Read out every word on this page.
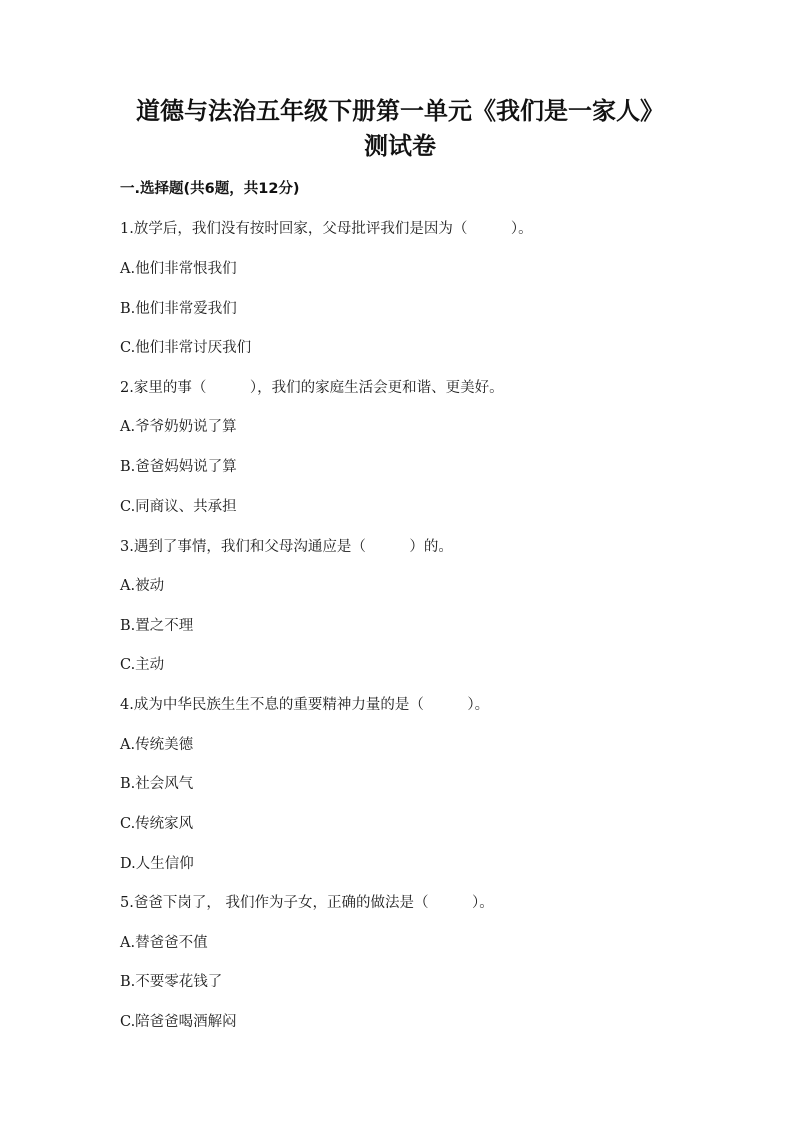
道德与法治五年级下册第一单元《我们是一家人》
测试卷
一.选择题(共6题，共12分)
1.放学后，我们没有按时回家，父母批评我们是因为（　　　）。
A.他们非常恨我们
B.他们非常爱我们
C.他们非常讨厌我们
2.家里的事（　　　），我们的家庭生活会更和谐、更美好。
A.爷爷奶奶说了算
B.爸爸妈妈说了算
C.同商议、共承担
3.遇到了事情，我们和父母沟通应是（　　　）的。
A.被动
B.置之不理
C.主动
4.成为中华民族生生不息的重要精神力量的是（　　　）。
A.传统美德
B.社会风气
C.传统家风
D.人生信仰
5.爸爸下岗了， 我们作为子女，正确的做法是（　　　）。
A.替爸爸不值
B.不要零花钱了
C.陪爸爸喝酒解闷
